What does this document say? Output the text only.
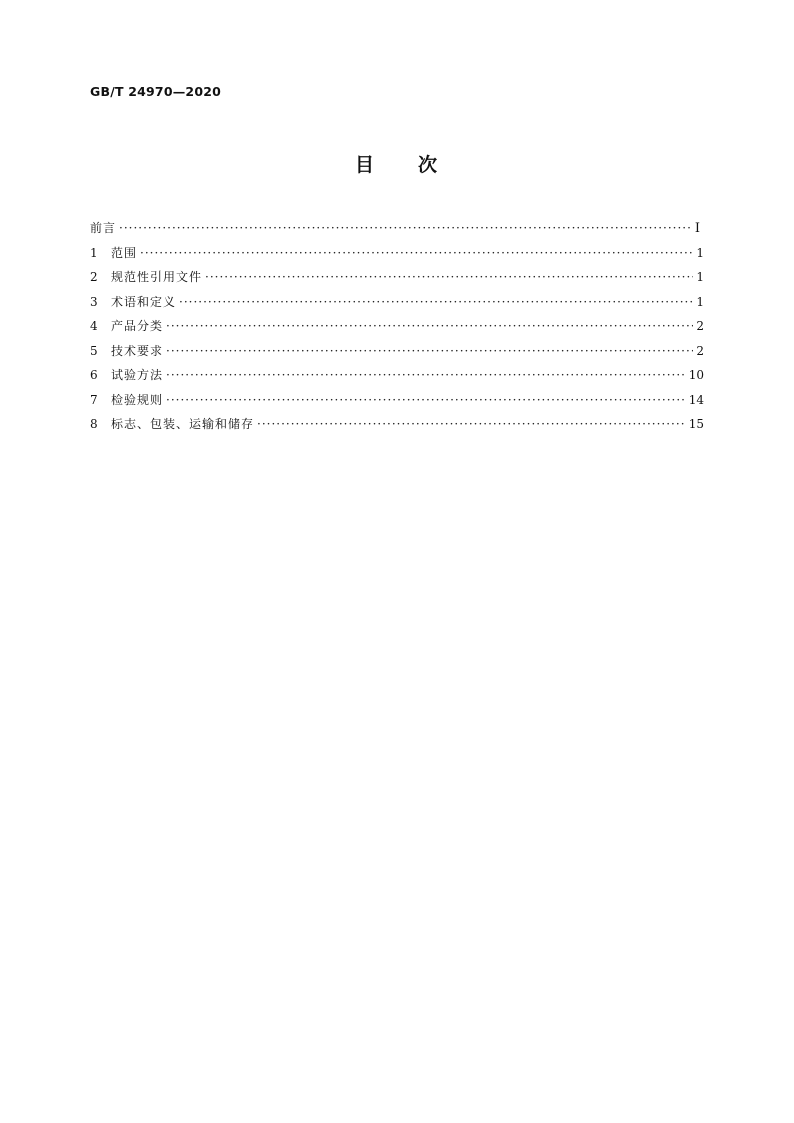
GB/T 24970—2020
目 次
前言 ·····	I
1	范围 ·····	1
2	规范性引用文件 ·····	1
3	术语和定义 ·····	1
4	产品分类 ·····	2
5	技术要求 ·····	2
6	试验方法 ·····	10
7	检验规则 ·····	14
8	标志、包装、运输和储存 ·····	15
